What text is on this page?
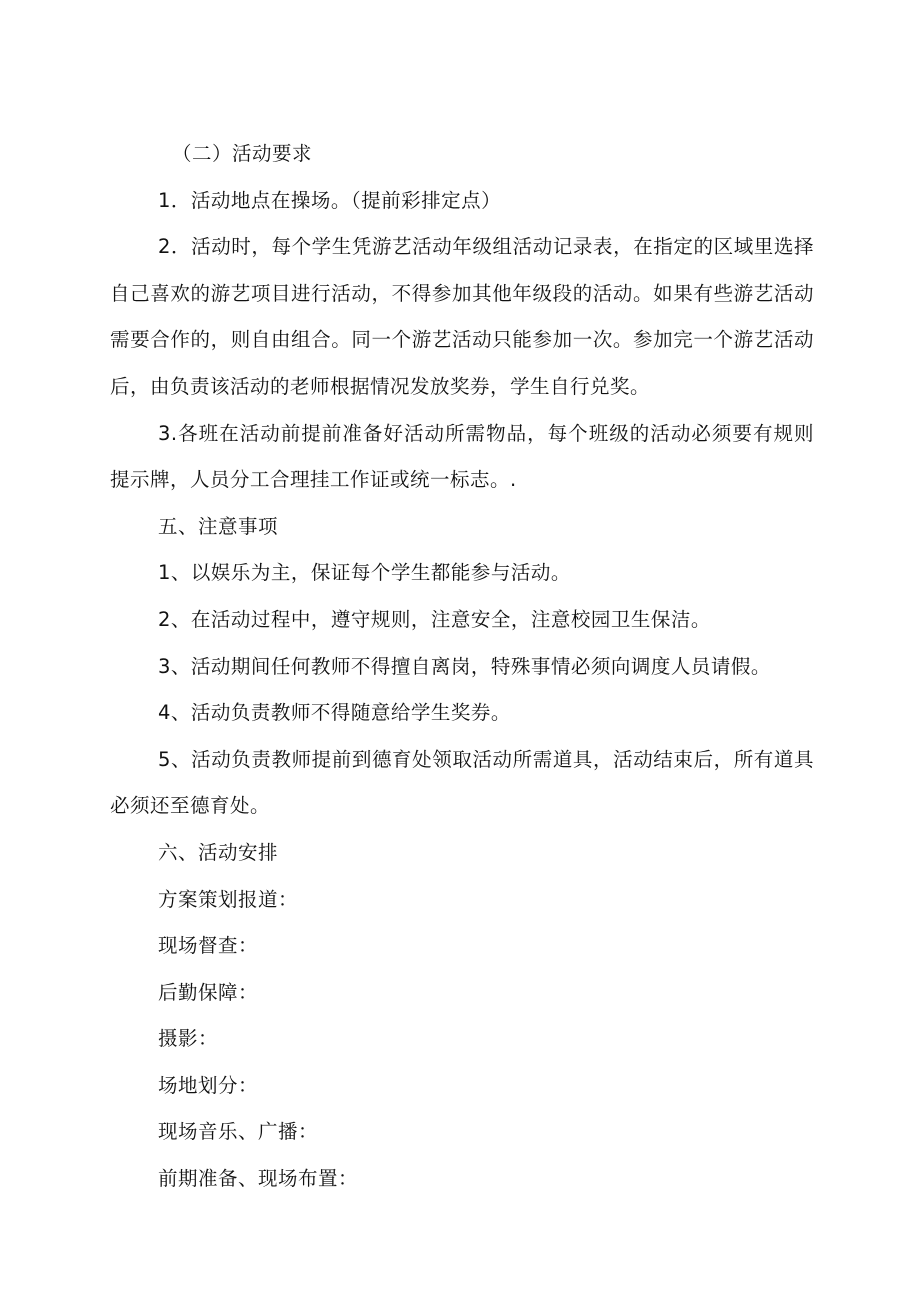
（二）活动要求

1．活动地点在操场。（提前彩排定点）

2．活动时，每个学生凭游艺活动年级组活动记录表，在指定的区域里选择自己喜欢的游艺项目进行活动，不得参加其他年级段的活动。如果有些游艺活动需要合作的，则自由组合。同一个游艺活动只能参加一次。参加完一个游艺活动后，由负责该活动的老师根据情况发放奖券，学生自行兑奖。

3.各班在活动前提前准备好活动所需物品，每个班级的活动必须要有规则提示牌，人员分工合理挂工作证或统一标志。.

五、注意事项

1、以娱乐为主，保证每个学生都能参与活动。

2、在活动过程中，遵守规则，注意安全，注意校园卫生保洁。

3、活动期间任何教师不得擅自离岗，特殊事情必须向调度人员请假。

4、活动负责教师不得随意给学生奖券。

5、活动负责教师提前到德育处领取活动所需道具，活动结束后，所有道具必须还至德育处。

六、活动安排

方案策划报道：

现场督查：

后勤保障：

摄影：

场地划分：

现场音乐、广播：

前期准备、现场布置：
